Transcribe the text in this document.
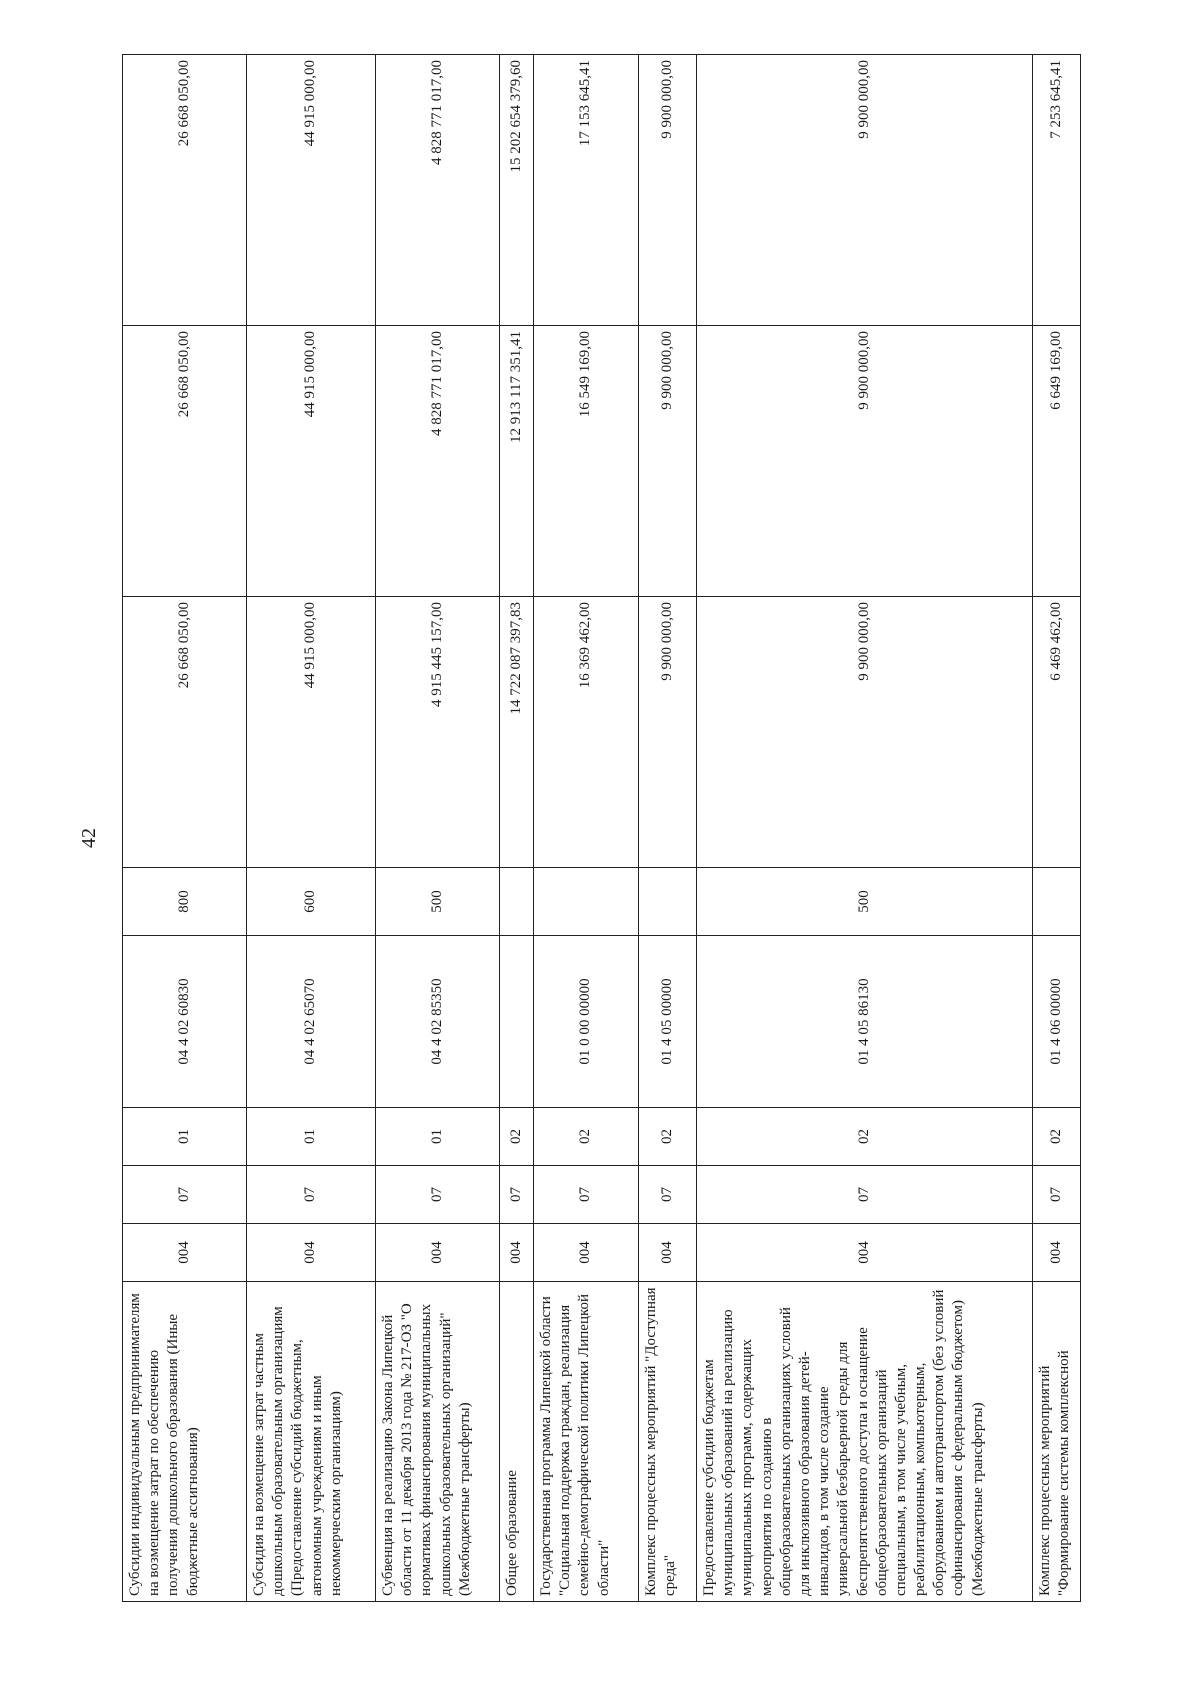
42
Субсидии индивидуальным предпринимателям на возмещение затрат по обеспечению получения дошкольного образования (Иные бюджетные ассигнования)	004	07	01	04 4 02 60830	800	26 668 050,00	26 668 050,00	26 668 050,00
Субсидия на возмещение затрат частным дошкольным образовательным организациям (Предоставление субсидий бюджетным, автономным учреждениям и иным некоммерческим организациям)	004	07	01	04 4 02 65070	600	44 915 000,00	44 915 000,00	44 915 000,00
Субвенция на реализацию Закона Липецкой области от 11 декабря 2013 года № 217-ОЗ "О нормативах финансирования муниципальных дошкольных образовательных организаций" (Межбюджетные трансферты)	004	07	01	04 4 02 85350	500	4 915 445 157,00	4 828 771 017,00	4 828 771 017,00
Общее образование	004	07	02			14 722 087 397,83	12 913 117 351,41	15 202 654 379,60
Государственная программа Липецкой области "Социальная поддержка граждан, реализация семейно-демографической политики Липецкой области"	004	07	02	01 0 00 00000		16 369 462,00	16 549 169,00	17 153 645,41
Комплекс процессных мероприятий "Доступная среда"	004	07	02	01 4 05 00000		9 900 000,00	9 900 000,00	9 900 000,00
Предоставление субсидии бюджетам муниципальных образований на реализацию муниципальных программ, содержащих мероприятия по созданию в общеобразовательных организациях условий для инклюзивного образования детей-инвалидов, в том числе создание универсальной безбарьерной среды для беспрепятственного доступа и оснащение общеобразовательных организаций специальным, в том числе учебным, реабилитационным, компьютерным, оборудованием и автотранспортом (без условий софинансирования с федеральным бюджетом) (Межбюджетные трансферты)	004	07	02	01 4 05 86130	500	9 900 000,00	9 900 000,00	9 900 000,00
Комплекс процессных мероприятий "Формирование системы комплексной	004	07	02	01 4 06 00000		6 469 462,00	6 649 169,00	7 253 645,41
